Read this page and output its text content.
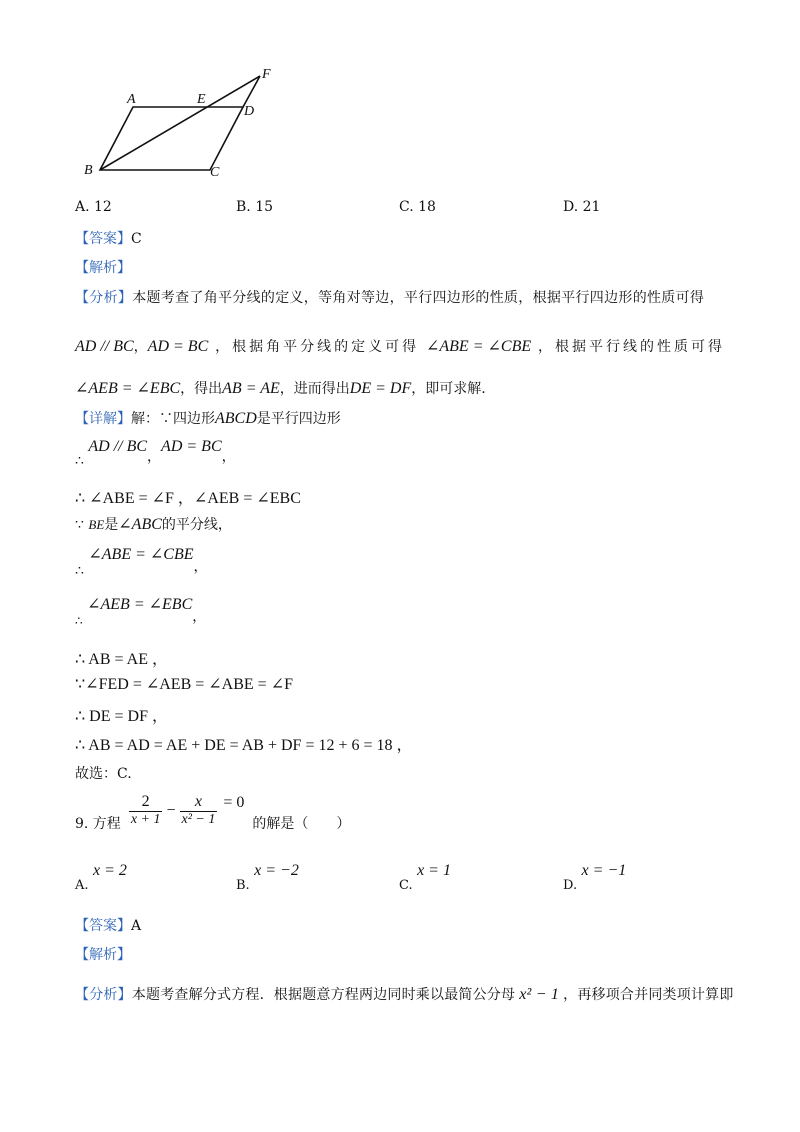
A	E
F
D
B	C
A. 12	B. 15	C. 18	D. 21
【答案】C
【解析】
【分析】本题考查了角平分线的定义，等角对等边，平行四边形的性质，根据平行四边形的性质可得
AD // BC，AD = BC ，根据角平分线的定义可得 ∠ABE = ∠CBE ，根据平行线的性质可得
∠AEB = ∠EBC，得出AB = AE，进而得出DE = DF，即可求解.
【详解】解：∵四边形ABCD是平行四边形
∴ AD // BC，AD = BC，
∴ ∠ABE = ∠F ，∠AEB = ∠EBC
∵ BE是∠ABC的平分线，
∴ ∠ABE = ∠CBE，
∴ ∠AEB = ∠EBC，
∴ AB = AE ，
∵∠FED = ∠AEB = ∠ABE = ∠F
∴ DE = DF ，
∴ AB = AD = AE + DE = AB + DF = 12 + 6 = 18 ，
故选：C.
9. 方程 $\frac{2}{x + 1} - \frac{x}{\text{x² − 1}} = 0$
的解是（　　）
A. x = 2
B. x = −2
C. x = 1
D. x = −1
【答案】A
【解析】
【分析】本题考查解分式方程．根据题意方程两边同时乘以最简公分母 x² − 1 ，再移项合并同类项计算即
